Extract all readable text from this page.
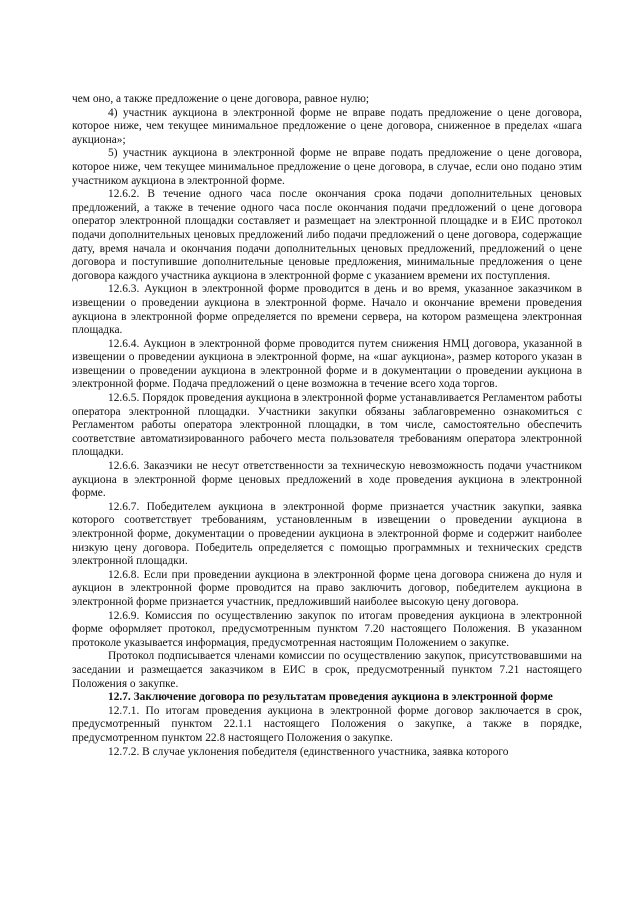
чем оно, а также предложение о цене договора, равное нулю;

4) участник аукциона в электронной форме не вправе подать предложение о цене договора, которое ниже, чем текущее минимальное предложение о цене договора, сниженное в пределах «шага аукциона»;

5) участник аукциона в электронной форме не вправе подать предложение о цене договора, которое ниже, чем текущее минимальное предложение о цене договора, в случае, если оно подано этим участником аукциона в электронной форме.

12.6.2. В течение одного часа после окончания срока подачи дополнительных ценовых предложений, а также в течение одного часа после окончания подачи предложений о цене договора оператор электронной площадки составляет и размещает на электронной площадке и в ЕИС протокол подачи дополнительных ценовых предложений либо подачи предложений о цене договора, содержащие дату, время начала и окончания подачи дополнительных ценовых предложений, предложений о цене договора и поступившие дополнительные ценовые предложения, минимальные предложения о цене договора каждого участника аукциона в электронной форме с указанием времени их поступления.

12.6.3. Аукцион в электронной форме проводится в день и во время, указанное заказчиком в извещении о проведении аукциона в электронной форме. Начало и окончание времени проведения аукциона в электронной форме определяется по времени сервера, на котором размещена электронная площадка.

12.6.4. Аукцион в электронной форме проводится путем снижения НМЦ договора, указанной в извещении о проведении аукциона в электронной форме, на «шаг аукциона», размер которого указан в извещении о проведении аукциона в электронной форме и в документации о проведении аукциона в электронной форме. Подача предложений о цене возможна в течение всего хода торгов.

12.6.5. Порядок проведения аукциона в электронной форме устанавливается Регламентом работы оператора электронной площадки. Участники закупки обязаны заблаговременно ознакомиться с Регламентом работы оператора электронной площадки, в том числе, самостоятельно обеспечить соответствие автоматизированного рабочего места пользователя требованиям оператора электронной площадки.

12.6.6. Заказчики не несут ответственности за техническую невозможность подачи участником аукциона в электронной форме ценовых предложений в ходе проведения аукциона в электронной форме.

12.6.7. Победителем аукциона в электронной форме признается участник закупки, заявка которого соответствует требованиям, установленным в извещении о проведении аукциона в электронной форме, документации о проведении аукциона в электронной форме и содержит наиболее низкую цену договора. Победитель определяется с помощью программных и технических средств электронной площадки.

12.6.8. Если при проведении аукциона в электронной форме цена договора снижена до нуля и аукцион в электронной форме проводится на право заключить договор, победителем аукциона в электронной форме признается участник, предложивший наиболее высокую цену договора.

12.6.9. Комиссия по осуществлению закупок по итогам проведения аукциона в электронной форме оформляет протокол, предусмотренным пунктом 7.20 настоящего Положения. В указанном протоколе указывается информация, предусмотренная настоящим Положением о закупке.

Протокол подписывается членами комиссии по осуществлению закупок, присутствовавшими на заседании и размещается заказчиком в ЕИС в срок, предусмотренный пунктом 7.21 настоящего Положения о закупке.

12.7. Заключение договора по результатам проведения аукциона в электронной форме

12.7.1. По итогам проведения аукциона в электронной форме договор заключается в срок, предусмотренный пунктом 22.1.1 настоящего Положения о закупке, а также в порядке, предусмотренном пунктом 22.8 настоящего Положения о закупке.

12.7.2. В случае уклонения победителя (единственного участника, заявка которого
